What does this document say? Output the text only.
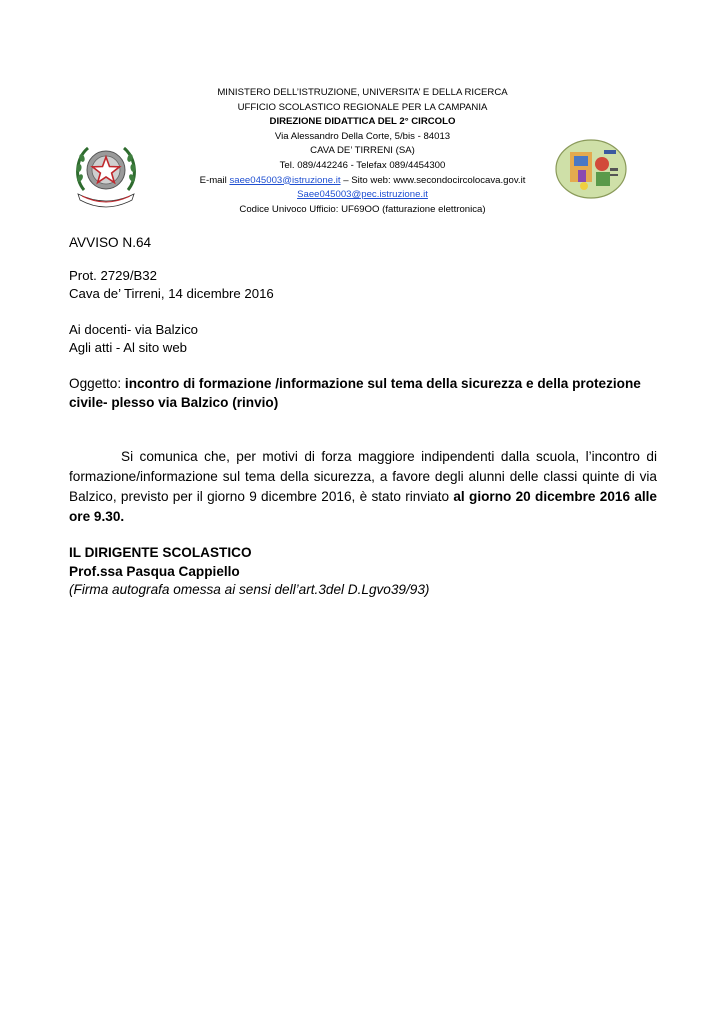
MINISTERO DELL’ISTRUZIONE, UNIVERSITA’ E DELLA RICERCA
UFFICIO SCOLASTICO REGIONALE PER LA CAMPANIA
DIREZIONE DIDATTICA DEL 2° CIRCOLO
Via Alessandro Della Corte, 5/bis - 84013
CAVA DE’ TIRRENI (SA)
Tel. 089/442246 - Telefax 089/4454300
E-mail saee045003@istruzione.it – Sito web: www.secondocircolocava.gov.it
Saee045003@pec.istruzione.it
Codice Univoco Ufficio: UF69OO (fatturazione elettronica)
AVVISO N.64
Prot. 2729/B32
Cava de’ Tirreni, 14 dicembre 2016
Ai docenti- via Balzico
Agli atti - Al sito web
Oggetto: incontro di formazione /informazione sul tema della sicurezza e della protezione civile- plesso via Balzico (rinvio)
Si comunica che, per motivi di forza maggiore indipendenti dalla scuola, l’incontro di formazione/informazione sul tema della sicurezza, a favore degli alunni delle classi quinte di via Balzico, previsto per il giorno 9 dicembre 2016, è stato rinviato al giorno 20 dicembre 2016 alle ore 9.30.
IL DIRIGENTE SCOLASTICO
Prof.ssa Pasqua Cappiello
(Firma autografa omessa ai sensi dell’art.3del D.Lgvo39/93)
